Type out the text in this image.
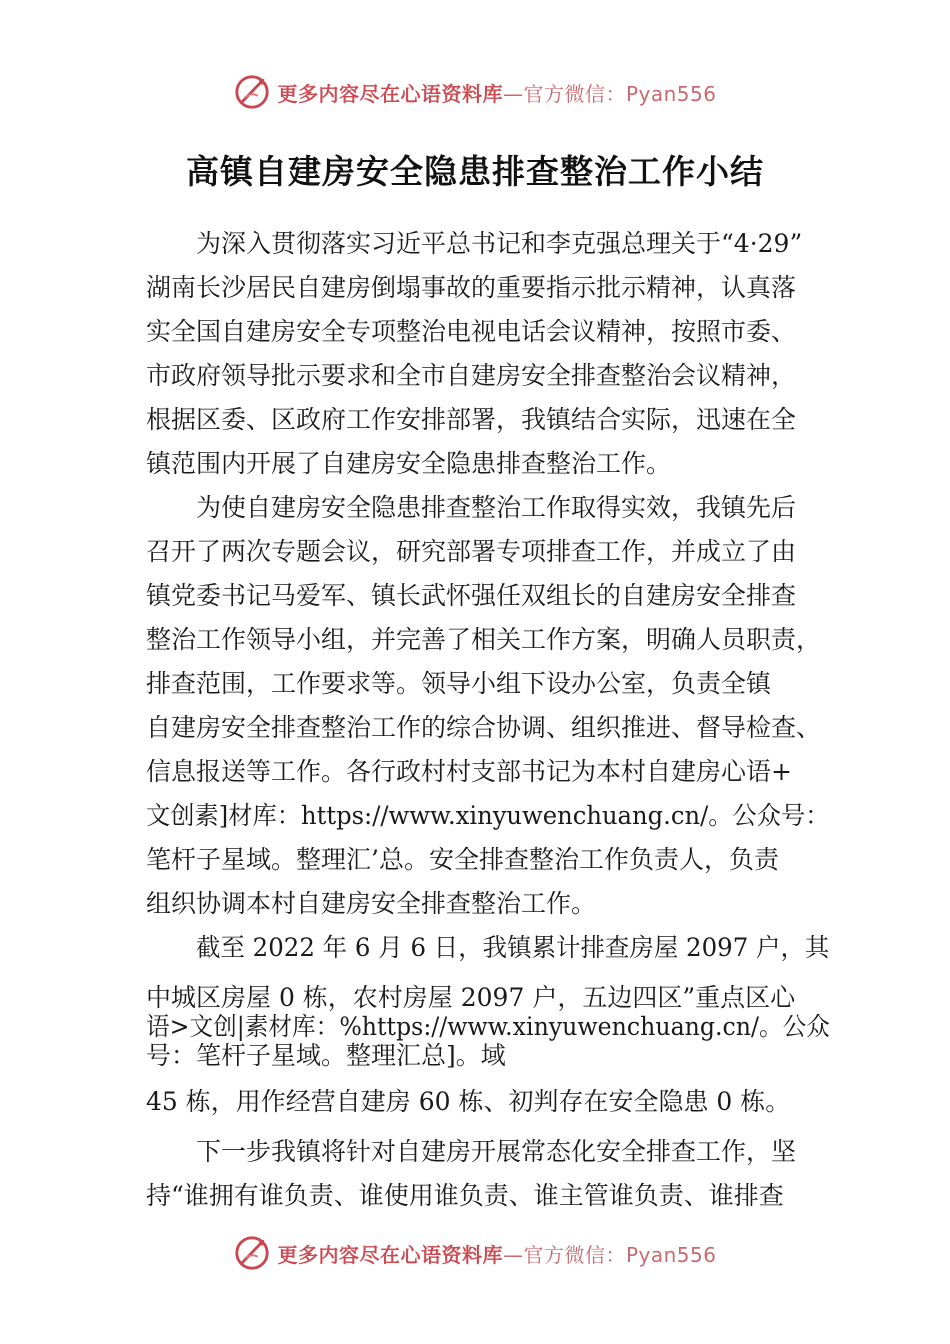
更多内容尽在心语资料库—官方微信：Pyan556
高镇自建房安全隐患排查整治工作小结

为深入贯彻落实习近平总书记和李克强总理关于“4·29”

湖南长沙居民自建房倒塌事故的重要指示批示精神，认真落

实全国自建房安全专项整治电视电话会议精神，按照市委、

市政府领导批示要求和全市自建房安全排查整治会议精神，

根据区委、区政府工作安排部署，我镇结合实际，迅速在全

镇范围内开展了自建房安全隐患排查整治工作。

为使自建房安全隐患排查整治工作取得实效，我镇先后

召开了两次专题会议，研究部署专项排查工作，并成立了由

镇党委书记马爱军、镇长武怀强任双组长的自建房安全排查

整治工作领导小组，并完善了相关工作方案，明确人员职责，

排查范围，工作要求等。领导小组下设办公室，负责全镇

自建房安全排查整治工作的综合协调、组织推进、督导检查、

信息报送等工作。各行政村村支部书记为本村自建房心语+

文创素]材库：https://www.xinyuwenchuang.cn/。公众号：

笔杆子星域。整理汇’总。安全排查整治工作负责人，负责

组织协调本村自建房安全排查整治工作。

截至 2022 年 6 月 6 日，我镇累计排查房屋 2097 户，其

中城区房屋 0 栋，农村房屋 2097 户，五边四区”重点区心

语>文创|素材库：%https://www.xinyuwenchuang.cn/。公众

号：笔杆子星域。整理汇总]。域

45 栋，用作经营自建房 60 栋、初判存在安全隐患 0 栋。

下一步我镇将针对自建房开展常态化安全排查工作，坚

持“谁拥有谁负责、谁使用谁负责、谁主管谁负责、谁排查

更多内容尽在心语资料库—官方微信：Pyan556
